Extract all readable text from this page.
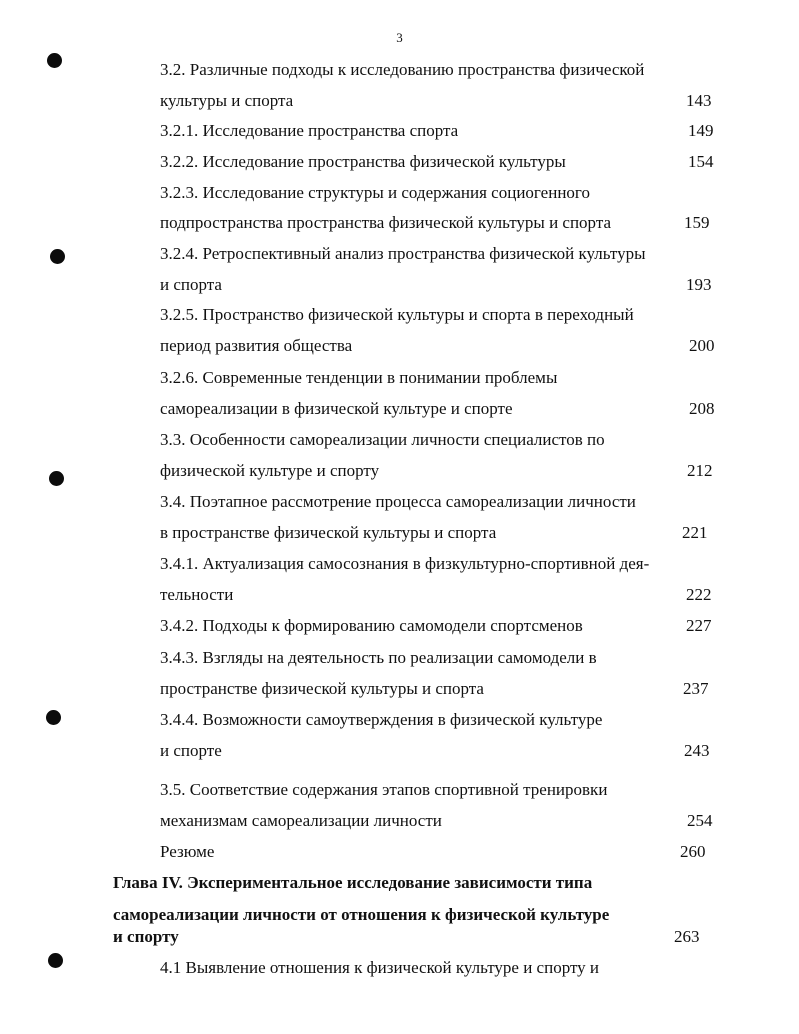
3
3.2. Различные подходы к исследованию пространства физической
культуры и спорта	143
3.2.1. Исследование пространства спорта	149
3.2.2. Исследование пространства физической культуры	154
3.2.3. Исследование структуры и содержания социогенного
подпространства пространства физической культуры и спорта	159
3.2.4. Ретроспективный анализ пространства физической культуры
и спорта	193
3.2.5. Пространство физической культуры и спорта в переходный
период развития общества	200
3.2.6. Современные тенденции в понимании проблемы
самореализации в физической культуре и спорте	208
3.3. Особенности самореализации личности специалистов по
физической культуре и спорту	212
3.4. Поэтапное рассмотрение процесса самореализации личности
в пространстве физической культуры и спорта	221
3.4.1. Актуализация самосознания в физкультурно-спортивной дея-
тельности	222
3.4.2. Подходы к формированию самомодели спортсменов	227
3.4.3. Взгляды на деятельность по реализации самомодели в
пространстве физической культуры и спорта	237
3.4.4. Возможности самоутверждения в физической культуре
и спорте	243
3.5. Соответствие содержания этапов спортивной тренировки
механизмам самореализации личности	254
Резюме	260
Глава IV. Экспериментальное исследование зависимости типа
самореализации личности от отношения к физической культуре
и спорту	263
4.1 Выявление отношения к физической культуре и спорту и
